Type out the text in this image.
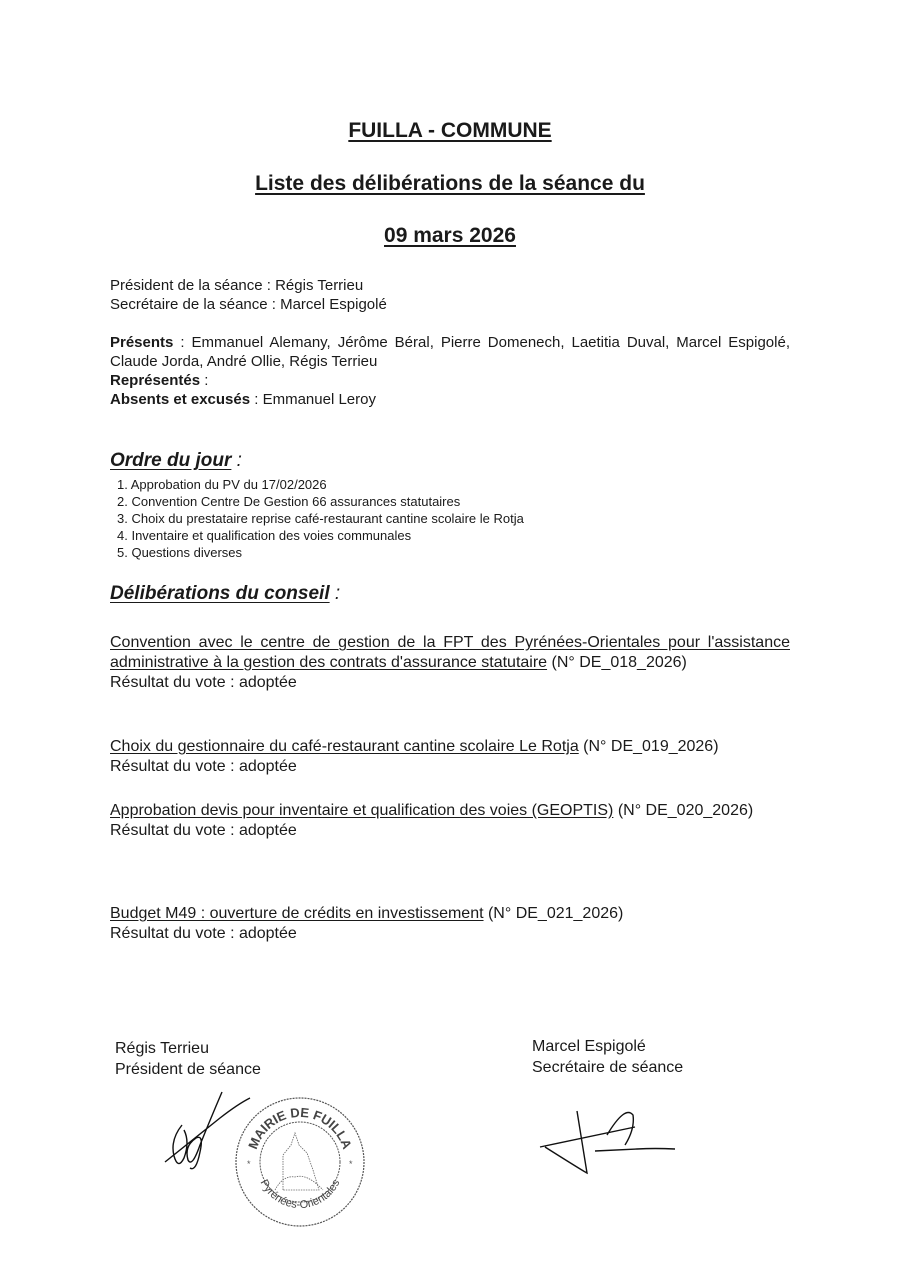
FUILLA - COMMUNE
Liste des délibérations de la séance du
09 mars 2026

Président de la séance : Régis Terrieu

Secrétaire de la séance : Marcel Espigolé

Présents : Emmanuel Alemany, Jérôme Béral, Pierre Domenech, Laetitia Duval, Marcel Espigolé, Claude Jorda, André Ollie, Régis Terrieu

Représentés :

Absents et excusés : Emmanuel Leroy

Ordre du jour :
1. Approbation du PV du 17/02/2026
2. Convention Centre De Gestion 66 assurances statutaires
3. Choix du prestataire reprise café-restaurant cantine scolaire le Rotja
4. Inventaire et qualification des voies communales
5. Questions diverses
Délibérations du conseil :
Convention avec le centre de gestion de la FPT des Pyrénées-Orientales pour l'assistance administrative à la gestion des contrats d'assurance statutaire (N° DE_018_2026)
Résultat du vote : adoptée
Choix du gestionnaire du café-restaurant cantine scolaire Le Rotja (N° DE_019_2026)
Résultat du vote : adoptée
Approbation devis pour inventaire et qualification des voies (GEOPTIS) (N° DE_020_2026)
Résultat du vote : adoptée
Budget M49 : ouverture de crédits en investissement (N° DE_021_2026)
Résultat du vote : adoptée
Régis Terrieu
Président de séance
Marcel Espigolé
Secrétaire de séance
MAIRIE DE FUILLA
Pyrénées-Orientales
*	*
